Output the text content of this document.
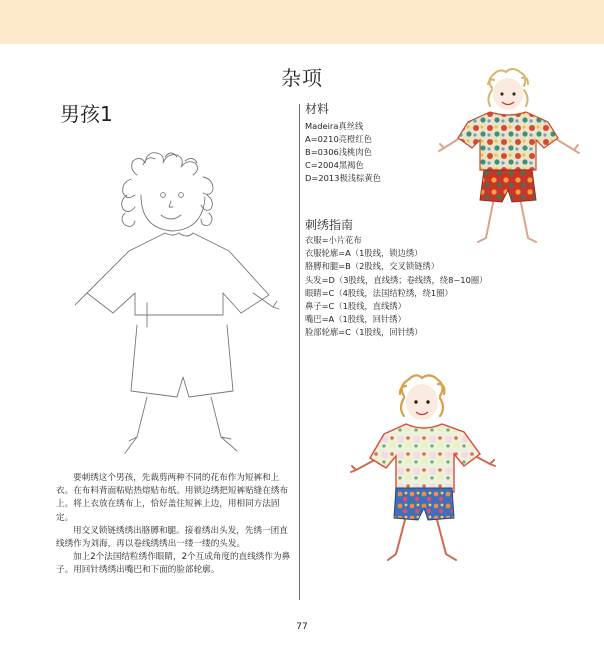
杂项
男孩1

要刺绣这个男孩，先裁剪两种不同的花布作为短裤和上衣。在布料背面粘贴热熔贴布纸。用锁边绣把短裤贴缝在绣布上。将上衣放在绣布上，恰好盖住短裤上边，用相同方法固定。

用交叉锁链绣绣出胳膊和腿。接着绣出头发，先绣一团直线绣作为刘海，再以卷线绣绣出一缕一缕的头发。

加上2个法国结粒绣作眼睛，2个互成角度的直线绣作为鼻子。用回针绣绣出嘴巴和下面的脸部轮廓。

材料
Madeira真丝线
A=0210亮橙红色
B=0306浅桃肉色
C=2004黑褐色
D=2013极浅棕黄色
刺绣指南
衣服=小片花布
衣服轮廓=A（1股线，锁边绣）
胳膊和腿=B（2股线，交叉锁链绣）
头发=D（3股线，直线绣；卷线绣，绕8~10圈）
眼睛=C（4股线，法国结粒绣，绕1圈）
鼻子=C（1股线，直线绣）
嘴巴=A（1股线，回针绣）
脸部轮廓=C（1股线，回针绣）
77
